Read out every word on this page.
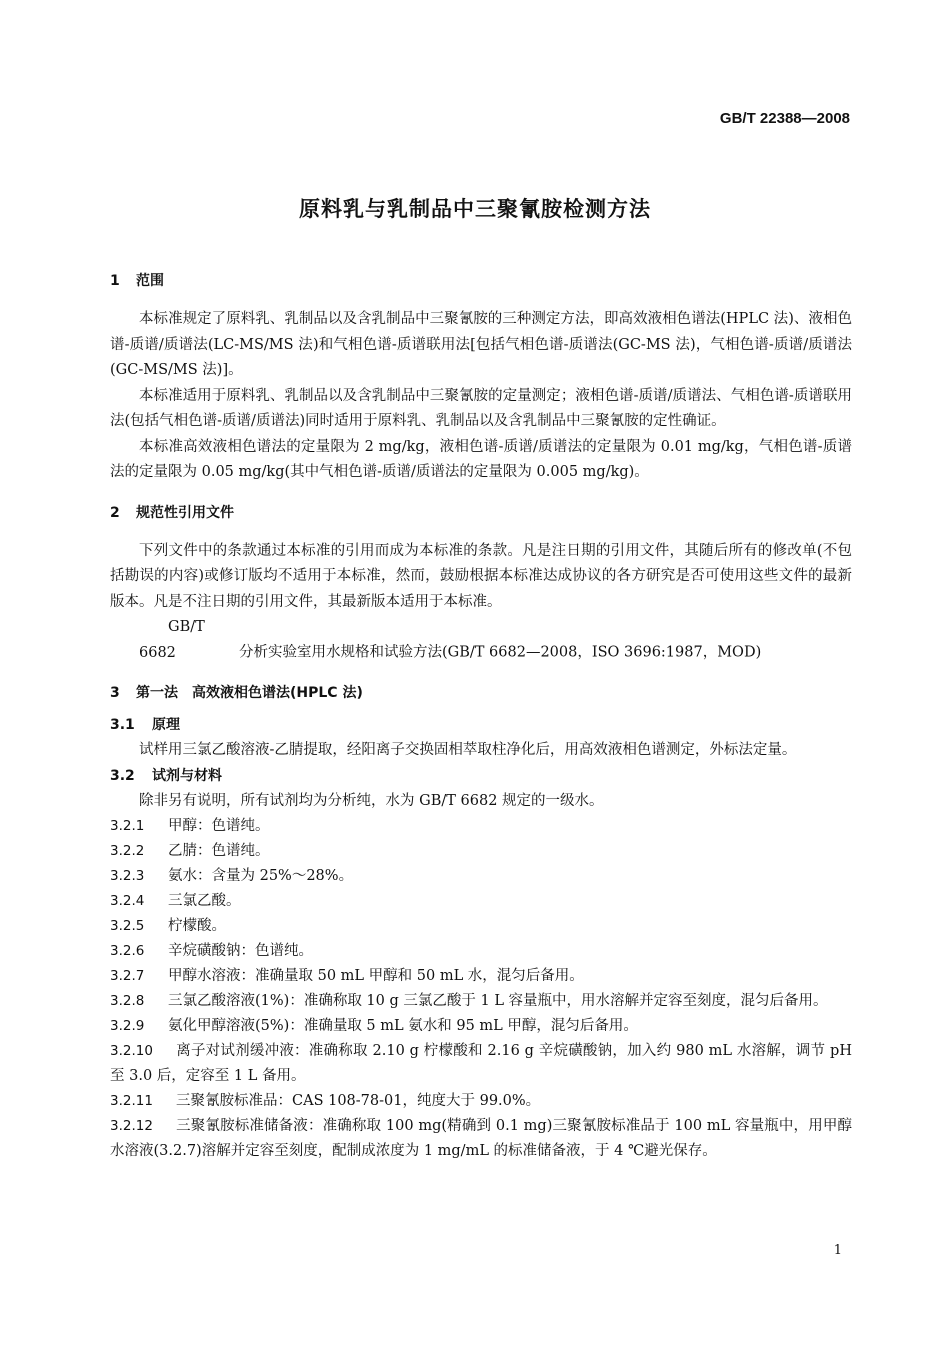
GB/T 22388—2008
原料乳与乳制品中三聚氰胺检测方法
1 范围

本标准规定了原料乳、乳制品以及含乳制品中三聚氰胺的三种测定方法，即高效液相色谱法(HPLC 法)、液相色谱-质谱/质谱法(LC-MS/MS 法)和气相色谱-质谱联用法[包括气相色谱-质谱法(GC-MS 法)，气相色谱-质谱/质谱法(GC-MS/MS 法)]。

本标准适用于原料乳、乳制品以及含乳制品中三聚氰胺的定量测定；液相色谱-质谱/质谱法、气相色谱-质谱联用法(包括气相色谱-质谱/质谱法)同时适用于原料乳、乳制品以及含乳制品中三聚氰胺的定性确证。

本标准高效液相色谱法的定量限为 2 mg/kg，液相色谱-质谱/质谱法的定量限为 0.01 mg/kg，气相色谱-质谱法的定量限为 0.05 mg/kg(其中气相色谱-质谱/质谱法的定量限为 0.005 mg/kg)。

2 规范性引用文件

下列文件中的条款通过本标准的引用而成为本标准的条款。凡是注日期的引用文件，其随后所有的修改单(不包括勘误的内容)或修订版均不适用于本标准，然而，鼓励根据本标准达成协议的各方研究是否可使用这些文件的最新版本。凡是不注日期的引用文件，其最新版本适用于本标准。

GB/T 6682	分析实验室用水规格和试验方法(GB/T 6682—2008，ISO 3696:1987，MOD)

3 第一法　高效液相色谱法(HPLC 法)
3.1 原理

试样用三氯乙酸溶液-乙腈提取，经阳离子交换固相萃取柱净化后，用高效液相色谱测定，外标法定量。

3.2 试剂与材料

除非另有说明，所有试剂均为分析纯，水为 GB/T 6682 规定的一级水。

3.2.1 甲醇：色谱纯。

3.2.2 乙腈：色谱纯。

3.2.3 氨水：含量为 25%～28%。

3.2.4 三氯乙酸。

3.2.5 柠檬酸。

3.2.6 辛烷磺酸钠：色谱纯。

3.2.7 甲醇水溶液：准确量取 50 mL 甲醇和 50 mL 水，混匀后备用。

3.2.8 三氯乙酸溶液(1%)：准确称取 10 g 三氯乙酸于 1 L 容量瓶中，用水溶解并定容至刻度，混匀后备用。

3.2.9 氨化甲醇溶液(5%)：准确量取 5 mL 氨水和 95 mL 甲醇，混匀后备用。

3.2.10 离子对试剂缓冲液：准确称取 2.10 g 柠檬酸和 2.16 g 辛烷磺酸钠，加入约 980 mL 水溶解，调节 pH 至 3.0 后，定容至 1 L 备用。

3.2.11 三聚氰胺标准品：CAS 108-78-01，纯度大于 99.0%。

3.2.12 三聚氰胺标准储备液：准确称取 100 mg(精确到 0.1 mg)三聚氰胺标准品于 100 mL 容量瓶中，用甲醇水溶液(3.2.7)溶解并定容至刻度，配制成浓度为 1 mg/mL 的标准储备液，于 4 ℃避光保存。

1
